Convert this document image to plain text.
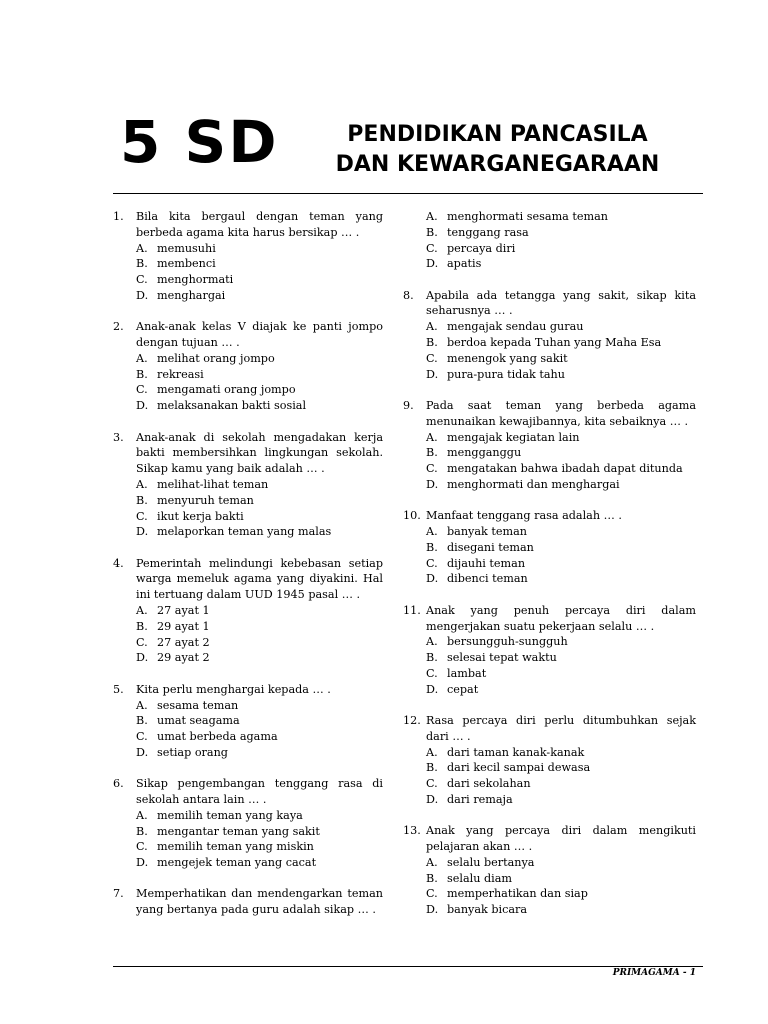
5 SD	PENDIDIKAN PANCASILA
DAN KEWARGANEGARAAN
1.	Bila kita bergaul dengan teman yang berbeda agama kita harus bersikap … .
A. memusuhi
B. membenci
C. menghormati
D. menghargai
2.	Anak-anak kelas V diajak ke panti jompo dengan tujuan … .
A. melihat orang jompo
B. rekreasi
C. mengamati orang jompo
D. melaksanakan bakti sosial
3.	Anak-anak di sekolah mengadakan kerja bakti membersihkan lingkungan sekolah. Sikap kamu yang baik adalah … .
A. melihat-lihat teman
B. menyuruh teman
C. ikut kerja bakti
D. melaporkan teman yang malas
4.	Pemerintah melindungi kebebasan setiap warga memeluk agama yang diyakini. Hal ini tertuang dalam UUD 1945 pasal … .
A. 27 ayat 1
B. 29 ayat 1
C. 27 ayat 2
D. 29 ayat 2
5.	Kita perlu menghargai kepada … .
A. sesama teman
B. umat seagama
C. umat berbeda agama
D. setiap orang
6.	Sikap pengembangan tenggang rasa di sekolah antara lain … .
A. memilih teman yang kaya
B. mengantar teman yang sakit
C. memilih teman yang miskin
D. mengejek teman yang cacat
7.	Memperhatikan dan mendengarkan teman yang bertanya pada guru adalah sikap … .
A. menghormati sesama teman
B. tenggang rasa
C. percaya diri
D. apatis
8.	Apabila ada tetangga yang sakit, sikap kita seharusnya … .
A. mengajak sendau gurau
B. berdoa kepada Tuhan yang Maha Esa
C. menengok yang sakit
D. pura-pura tidak tahu
9.	Pada saat teman yang berbeda agama menunaikan kewajibannya, kita sebaiknya … .
A. mengajak kegiatan lain
B. mengganggu
C. mengatakan bahwa ibadah dapat ditunda
D. menghormati dan menghargai
10. Manfaat tenggang rasa adalah … .
A. banyak teman
B. disegani teman
C. dijauhi teman
D. dibenci teman
11. Anak yang penuh percaya diri dalam mengerjakan suatu pekerjaan selalu … .
A. bersungguh-sungguh
B. selesai tepat waktu
C. lambat
D. cepat
12. Rasa percaya diri perlu ditumbuhkan sejak dari … .
A. dari taman kanak-kanak
B. dari kecil sampai dewasa
C. dari sekolahan
D. dari remaja
13. Anak yang percaya diri dalam mengikuti pelajaran akan … .
A. selalu bertanya
B. selalu diam
C. memperhatikan dan siap
D. banyak bicara
PRIMAGAMA - 1
